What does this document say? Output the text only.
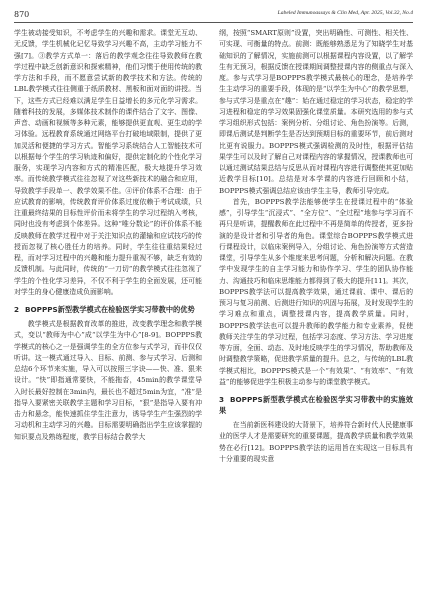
870	Labeled Immunoassays & Clin Med, Apr. 2025, Vol.32, No.4

学生被动接受知识，不考虑学生的兴趣和需求。课堂无互动、无反馈，学生机械化记忆导致学习兴趣不高，主动学习能力不强[7]。③教学方式单一：落后的教学观念往往导致教师在教学过程中缺乏创新意识和探索精神，他们习惯于使用传统的教学方法和手段，而不愿意尝试新的教学技术和方法。传统的LBL教学模式往往侧重于纸质教材、黑板和面对面的讲授。当下，这些方式已经难以满足学生日益增长的多元化学习需求。随着科技的发展，多媒体技术制作的课件结合了文字、图像、声音、动画和视频等多种元素，能够提供更直观、更生动的学习体验。远程教育系统通过网络平台打破地域限制，提供了更加灵活和便捷的学习方式。智能学习系统结合人工智能技术可以根据每个学生的学习轨迹和偏好，提供定制化的个性化学习服务，实现学习内容和方式的精准匹配，极大地提升学习效率。而传统教学模式往往忽视了对这些新技术的融合和应用，导致教学手段单一、教学效果不佳。④评价体系不合理：由于应试教育的影响，传统教育评价体系过度依赖于考试成绩，只注重最终结果的目标性评价而未将学生的学习过程纳入考核，同时也没有考虑到个体差异。这种“唯分数论”的评价体系不能反映教师在教学过程中对于关注知识点的灌输和应试技巧的传授而忽视了核心胜任力的培养。同时，学生往往重结果轻过程，而对学习过程中的兴趣和能力提升重视不够，缺乏有效的反馈机制。与此同时，传统的“一刀切”的教学模式往往忽视了学生的个性化学习差异，不仅不利于学生的全面发展，还可能对学生的身心健康造成负面影响。

2 BOPPPS新型教学模式在检验医学实习带教中的优势

教学模式是根据教育改革的推进，改变教学理念和教学模式，变以“教师为中心”成“以学生为中心”[8-9]。BOPPPS教学模式的核心之一是强调学生的全方位参与式学习，而非仅仅听讲。这一模式通过导入、目标、前测、参与式学习、后测和总结6个环节来实施，导入可以按照三字诀——快、准、狠来设计。“快”即指通常要快，不能拖沓，45min的教学课堂导入时长最好控制在3min内，最长也不超过5min为宜，“准”是指导入要紧密关联教学主题和学习目标，“狠”是指导入要有冲击力和悬念，能快速抓住学生注意力，诱导学生产生强烈的学习动机和主动学习的兴趣。目标需要明确指出学生应该掌握的知识要点及熟练程度，教学目标结合教学大

纲，按照“SMART原则”设置，突出明确性、可测性、相关性、可实现、可衡量的特点。前测：既能够熟悉足为了知晓学生对基础知识的了解情况，实施前测可以根据课程内容设置，以了解学生有无预习，根据反馈在授课期间调整授课内容的侧重点与深入度。参与式学习是BOPPPS教学模式最核心的理念，是培养学生主动学习的重要手段，体现的是“以学生为中心”的教学思想，参与式学习是重点在“趣”：始在通过稳定的学习状态，稳定的学习进程和稳定的学习效果固强化课堂质量。本研究选用的参与式学习组织形式包括：案例分析、分组讨论、角色扮演等。后测，即课后测试是判断学生是否达到预期目标的重要环节，前后测对比更有说服力。BOPPPS模式强调检测的及时性，根据评估结果学生可以及时了解自己对课程内容的掌握情况，授课教师也可以通过测试结果总结与反思从而对课程内容进行调整使其更加贴近教学目标[10]。总结是对本学课的内容进行回顾和小结，BOPPPS模式强调总结应该由学生主导，教师引导完成。

首先，BOPPPS教学法能够使学生在授课过程中的“体验感”，引导学生“沉浸式”、“全方位”、“全过程”地参与学习而不再只是听讲，提醒教师在此过程中不再是简单的传授者，更多扮演的是设计者和引导者的角色。课堂综合BOPPPS教学模式进行课程设计，以临床案例导入，分组讨论、角色扮演等方式营造课堂，引导学生从多个维度来思考问题，分析和解决问题。在教学中发现学生的自主学习能力和协作学习、学生的团队协作能力、沟通技巧和临床思维能力都得到了极大的提升[11]。其次，BOPPPS教学法可以提高教学效果，通过课前、课中、课后的预习与复习前测、后测进行知识的巩固与拓展，及时发现学生的学习难点和重点，调整授课内容，提高教学质量。同时，BOPPPS教学法也可以提升教师的教学能力和专业素养，促使教师关注学生的学习过程，包括学习态度、学习方法、学习进度等方面，全面、动态、及时地反映学生的学习情况，帮助教师及时调整教学策略，促进教学质量的提升。总之，与传统的LBL教学模式相比，BOPPPS模式是一个“有效果”、“有效率”、“有效益”的能够促进学生积极主动参与的课堂教学模式。

3 BOPPPS新型教学模式在检验医学实习带教中的实施效果

在当前新医科建设的大背景下，培养符合新时代人民健康事业的医学人才是需要研究的重要课题，提高教学质量和教学效果势在必行[12]。BOPPPS教学法的运用旨在实现这一目标具有十分重要的现实意
